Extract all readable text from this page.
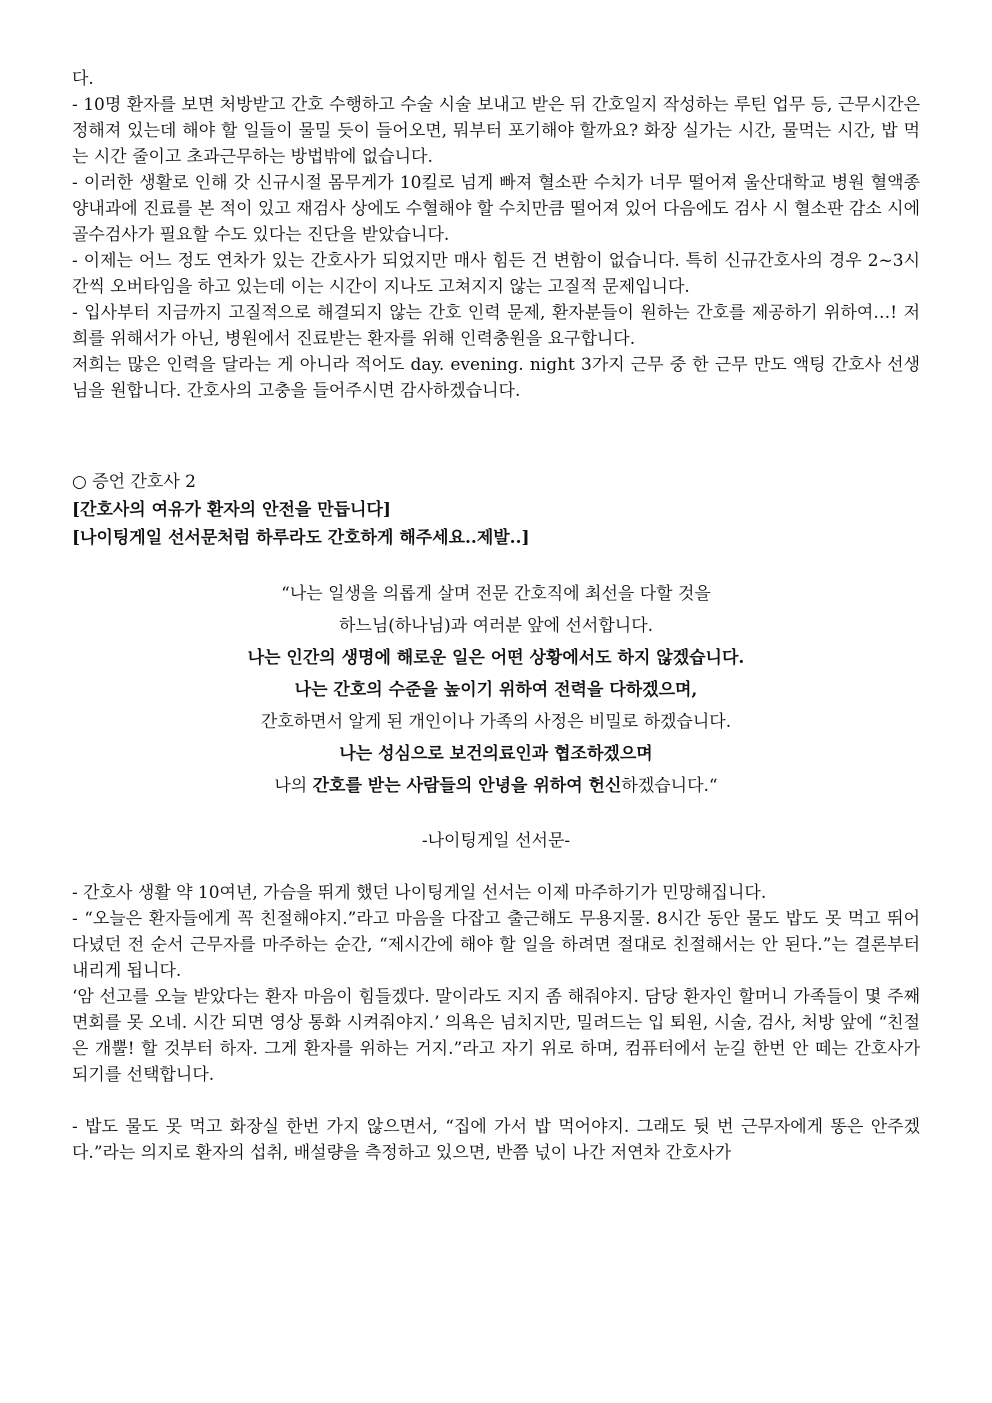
다.

- 10명 환자를 보면 처방받고 간호 수행하고 수술 시술 보내고 받은 뒤 간호일지 작성하는 루틴 업무 등, 근무시간은 정해져 있는데 해야 할 일들이 물밀 듯이 들어오면, 뭐부터 포기해야 할까요? 화장 실가는 시간, 물먹는 시간, 밥 먹는 시간 줄이고 초과근무하는 방법밖에 없습니다.

- 이러한 생활로 인해 갓 신규시절 몸무게가 10킬로 넘게 빠져 혈소판 수치가 너무 떨어져 울산대학교 병원 혈액종양내과에 진료를 본 적이 있고 재검사 상에도 수혈해야 할 수치만큼 떨어져 있어 다음에도 검사 시 혈소판 감소 시에 골수검사가 필요할 수도 있다는 진단을 받았습니다.

- 이제는 어느 정도 연차가 있는 간호사가 되었지만 매사 힘든 건 변함이 없습니다. 특히 신규간호사의 경우 2~3시간씩 오버타임을 하고 있는데 이는 시간이 지나도 고쳐지지 않는 고질적 문제입니다.

- 입사부터 지금까지 고질적으로 해결되지 않는 간호 인력 문제, 환자분들이 원하는 간호를 제공하기 위하여…! 저희를 위해서가 아닌, 병원에서 진료받는 환자를 위해 인력충원을 요구합니다.

저희는 많은 인력을 달라는 게 아니라 적어도 day. evening. night 3가지 근무 중 한 근무 만도 액팅 간호사 선생님을 원합니다. 간호사의 고충을 들어주시면 감사하겠습니다.

○ 증언 간호사 2

[간호사의 여유가 환자의 안전을 만듭니다]

[나이팅게일 선서문처럼 하루라도 간호하게 해주세요..제발..]

“나는 일생을 의롭게 살며 전문 간호직에 최선을 다할 것을

하느님(하나님)과 여러분 앞에 선서합니다.

나는 인간의 생명에 해로운 일은 어떤 상황에서도 하지 않겠습니다.

나는 간호의 수준을 높이기 위하여 전력을 다하겠으며,

간호하면서 알게 된 개인이나 가족의 사정은 비밀로 하겠습니다.

나는 성심으로 보건의료인과 협조하겠으며

나의 간호를 받는 사람들의 안녕을 위하여 헌신하겠습니다.“

-나이팅게일 선서문-

- 간호사 생활 약 10여년, 가슴을 뛰게 했던 나이팅게일 선서는 이제 마주하기가 민망해집니다.

- “오늘은 환자들에게 꼭 친절해야지.”라고 마음을 다잡고 출근해도 무용지물. 8시간 동안 물도 밥도 못 먹고 뛰어다녔던 전 순서 근무자를 마주하는 순간, “제시간에 해야 할 일을 하려면 절대로 친절해서는 안 된다.”는 결론부터 내리게 됩니다.

‘암 선고를 오늘 받았다는 환자 마음이 힘들겠다. 말이라도 지지 좀 해줘야지. 담당 환자인 할머니 가족들이 몇 주째 면회를 못 오네. 시간 되면 영상 통화 시켜줘야지.’ 의욕은 넘치지만, 밀려드는 입 퇴원, 시술, 검사, 처방 앞에 “친절은 개뿔! 할 것부터 하자. 그게 환자를 위하는 거지.”라고 자기 위로 하며, 컴퓨터에서 눈길 한번 안 떼는 간호사가 되기를 선택합니다.

- 밥도 물도 못 먹고 화장실 한번 가지 않으면서, “집에 가서 밥 먹어야지. 그래도 뒷 번 근무자에게 똥은 안주겠다.”라는 의지로 환자의 섭취, 배설량을 측정하고 있으면, 반쯤 넋이 나간 저연차 간호사가
